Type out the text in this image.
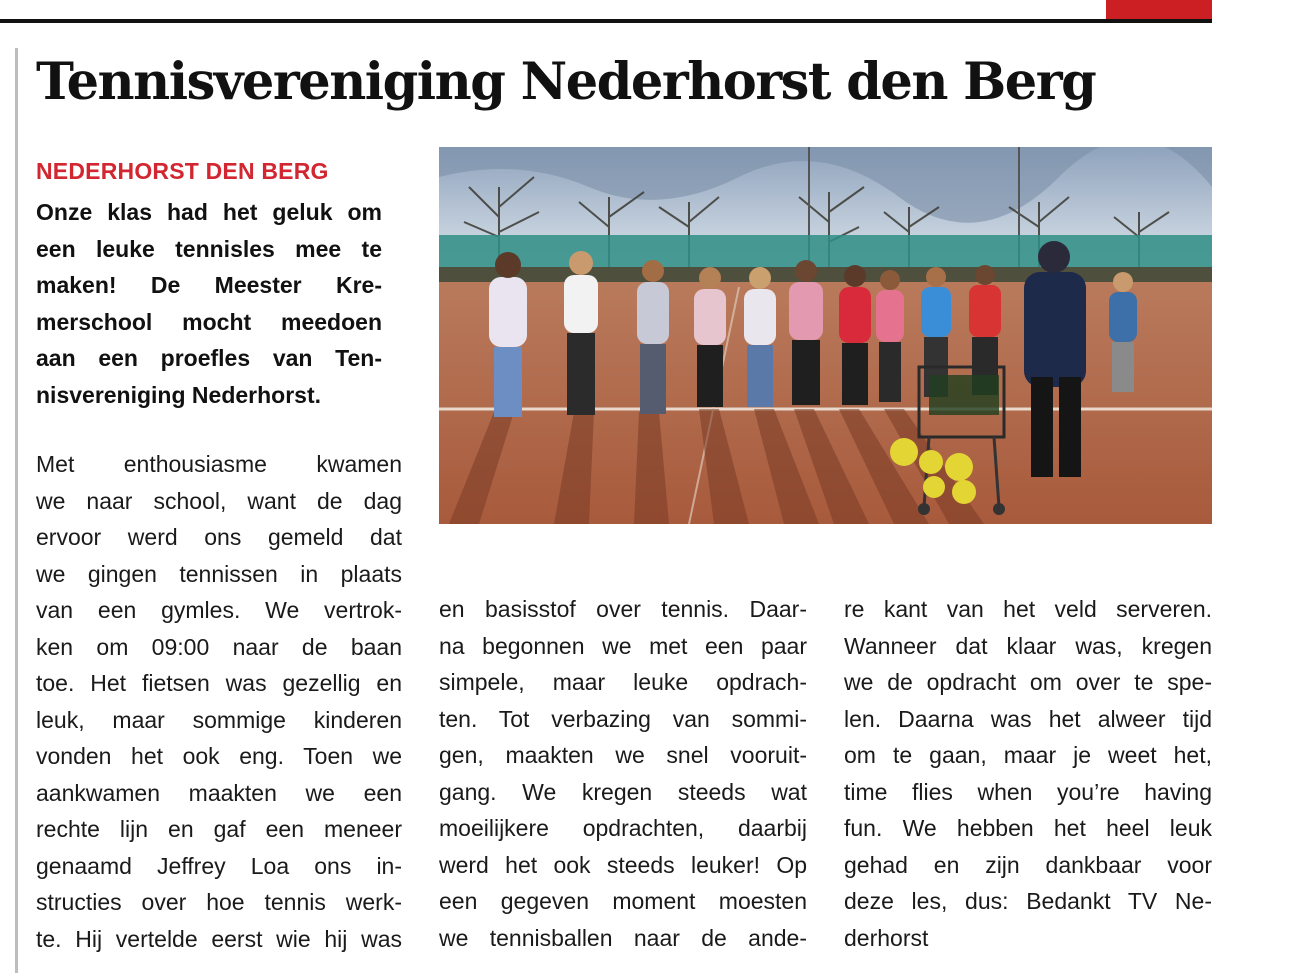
Tennisvereniging Nederhorst den Berg
NEDERHORST DEN BERG
Onze klas had het geluk om
een leuke tennisles mee te
maken! De Meester Kre-
merschool mocht meedoen
aan een proefles van Ten-
nisvereniging Nederhorst.
Met enthousiasme kwamen
we naar school, want de dag
ervoor werd ons gemeld dat
we gingen tennissen in plaats
van een gymles. We vertrok-
ken om 09:00 naar de baan
toe. Het fietsen was gezellig en
leuk, maar sommige kinderen
vonden het ook eng. Toen we
aankwamen maakten we een
rechte lijn en gaf een meneer
genaamd Jeffrey Loa ons in-
structies over hoe tennis werk-
te. Hij vertelde eerst wie hij was
en basisstof over tennis. Daar-
na begonnen we met een paar
simpele, maar leuke opdrach-
ten. Tot verbazing van sommi-
gen, maakten we snel vooruit-
gang. We kregen steeds wat
moeilijkere opdrachten, daarbij
werd het ook steeds leuker! Op
een gegeven moment moesten
we tennisballen naar de ande-
re kant van het veld serveren.
Wanneer dat klaar was, kregen
we de opdracht om over te spe-
len. Daarna was het alweer tijd
om te gaan, maar je weet het,
time flies when you’re having
fun. We hebben het heel leuk
gehad en zijn dankbaar voor
deze les, dus: Bedankt TV Ne-
derhorst
